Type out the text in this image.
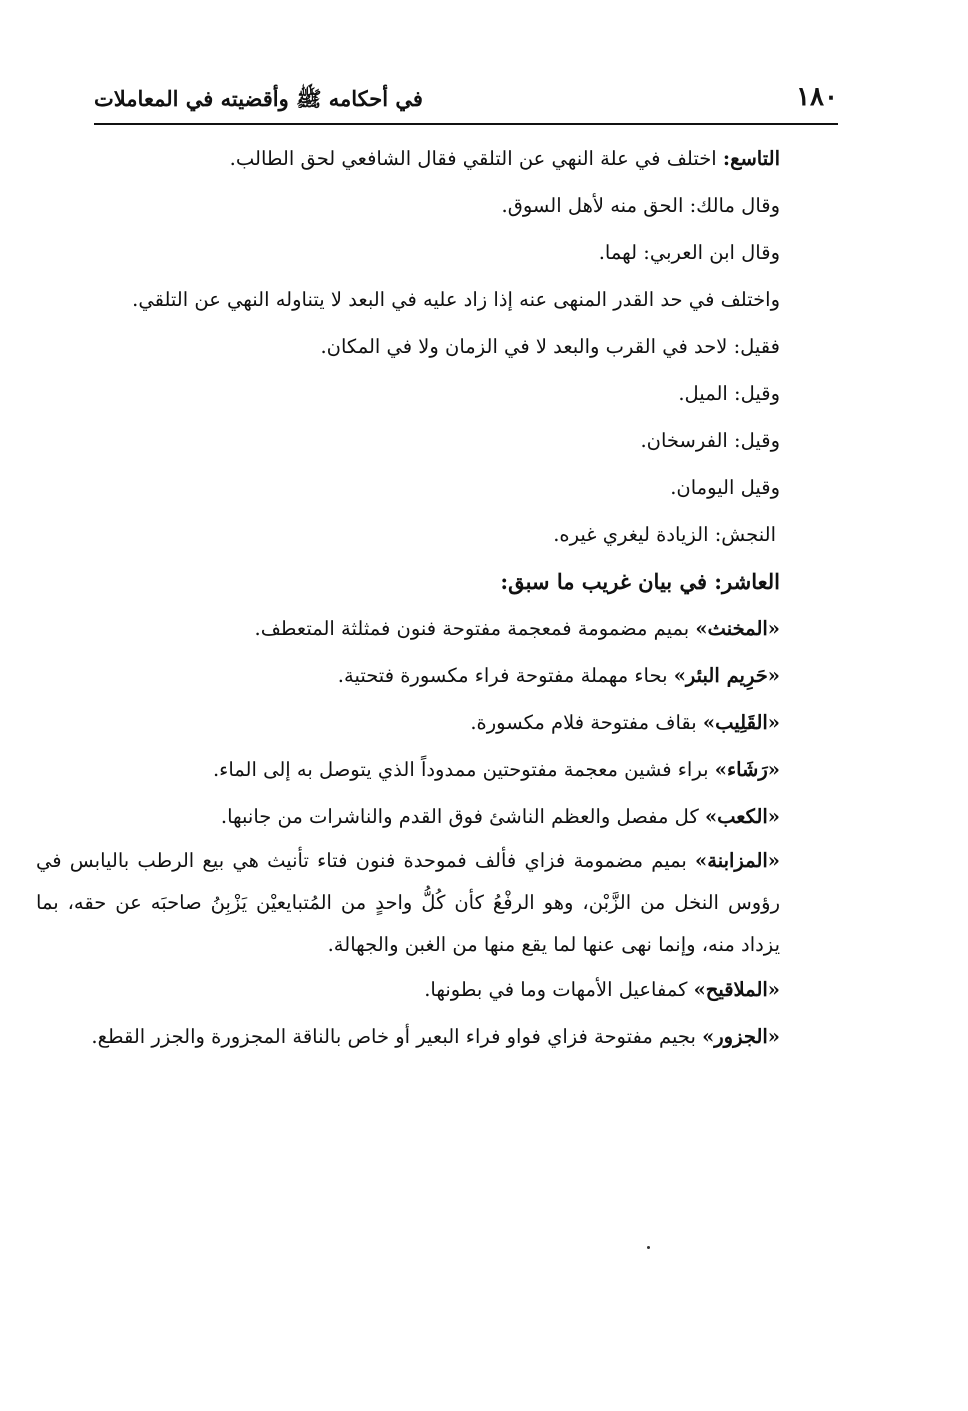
١٨٠
في أحكامه ﷺ وأقضيته في المعاملات

التاسع: اختلف في علة النهي عن التلقي فقال الشافعي لحق الطالب.

وقال مالك: الحق منه لأهل السوق.

وقال ابن العربي: لهما.

واختلف في حد القدر المنهى عنه إذا زاد عليه في البعد لا يتناوله النهي عن التلقي.

فقيل: لاحد في القرب والبعد لا في الزمان ولا في المكان.

وقيل: الميل.

وقيل: الفرسخان.

وقيل اليومان.

النجش: الزيادة ليغري غيره.

العاشر: في بيان غريب ما سبق:

«المخنث» بميم مضمومة فمعجمة مفتوحة فنون فمثلثة المتعطف.

«حَرِيم البئر» بحاء مهملة مفتوحة فراء مكسورة فتحتية.

«القَلِيب» بقاف مفتوحة فلام مكسورة.

«رَشَاء» براء فشين معجمة مفتوحتين ممدوداً الذي يتوصل به إلى الماء.

«الكعب» كل مفصل والعظم الناشئ فوق القدم والناشرات من جانبها.

«المزابنة» بميم مضمومة فزاي فألف فموحدة فنون فتاء تأنيث هي بيع الرطب باليابس في رؤوس النخل من الزَّبْن، وهو الرفْعُ كأن كُلُّ واحدٍ من المُتبايعيْن يَزْبِنُ صاحبَه عن حقه، بما يزداد منه، وإنما نهى عنها لما يقع منها من الغبن والجهالة.

«الملاقيح» كمفاعيل الأمهات وما في بطونها.

«الجزور» بجيم مفتوحة فزاي فواو فراء البعير أو خاص بالناقة المجزورة والجزر القطع.
